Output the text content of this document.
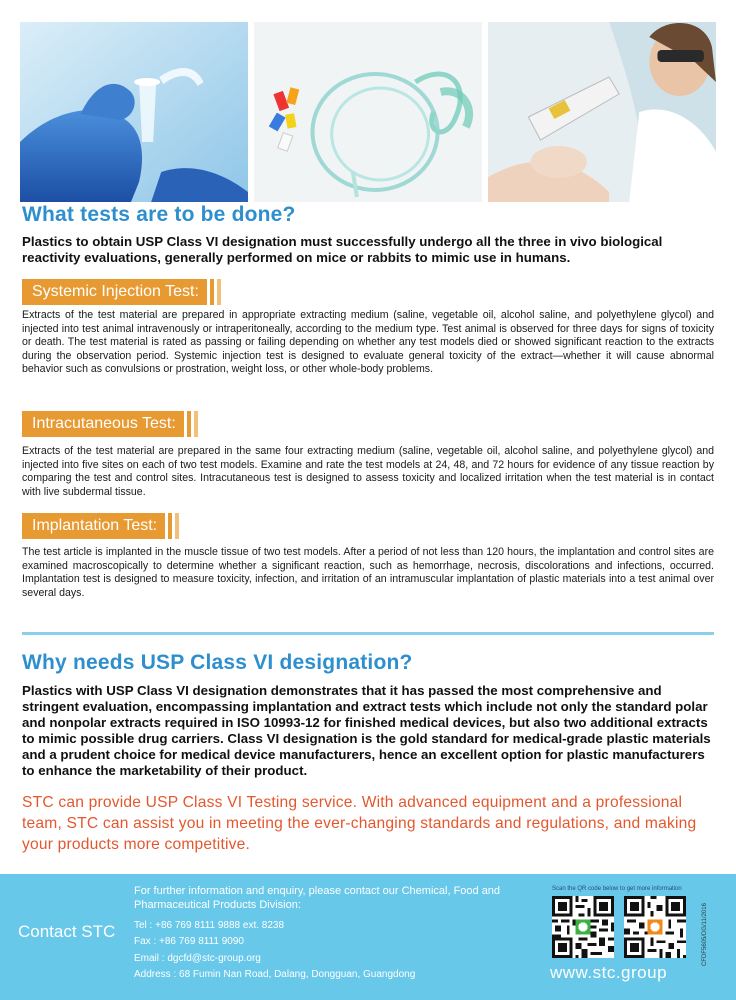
What tests are to be done?

Plastics to obtain USP Class VI designation must successfully undergo all the three in vivo biological reactivity evaluations, generally performed on mice or rabbits to mimic use in humans.

Systemic Injection Test:

Extracts of the test material are prepared in appropriate extracting medium (saline, vegetable oil, alcohol saline, and polyethylene glycol) and injected into test animal intravenously or intraperitoneally, according to the medium type. Test animal is observed for three days for signs of toxicity or death. The test material is rated as passing or failing depending on whether any test models died or showed significant reaction to the extracts during the observation period. Systemic injection test is designed to evaluate general toxicity of the extract—whether it will cause abnormal behavior such as convulsions or prostration, weight loss, or other whole-body problems.

Intracutaneous Test:

Extracts of the test material are prepared in the same four extracting medium (saline, vegetable oil, alcohol saline, and polyethylene glycol) and injected into five sites on each of two test models. Examine and rate the test models at 24, 48, and 72 hours for evidence of any tissue reaction by comparing the test and control sites. Intracutaneous test is designed to assess toxicity and localized irritation when the test material is in contact with live subdermal tissue.

Implantation Test:

The test article is implanted in the muscle tissue of two test models. After a period of not less than 120 hours, the implantation and control sites are examined macroscopically to determine whether a significant reaction, such as hemorrhage, necrosis, discolorations and infections, occurred. Implantation test is designed to measure toxicity, infection, and irritation of an intramuscular implantation of plastic materials into a test animal over several days.

Why needs USP Class VI designation?

Plastics with USP Class VI designation demonstrates that it has passed the most comprehensive and stringent evaluation, encompassing implantation and extract tests which include not only the standard polar and nonpolar extracts required in ISO 10993-12 for finished medical devices, but also two additional extracts to mimic possible drug carriers. Class VI designation is the gold standard for medical-grade plastic materials and a prudent choice for medical device manufacturers, hence an excellent option for plastic manufacturers to enhance the marketability of their product.

STC can provide USP Class VI Testing service. With advanced equipment and a professional team, STC can assist you in meeting the ever-changing standards and regulations, and making your products more competitive.

Contact STC

For further information and enquiry, please contact our Chemical, Food and Pharmaceutical Products Division:

Tel : +86 769 8111 9888 ext. 8238
Fax : +86 769 8111 9090
Email : dgcfd@stc-group.org
Address : 68 Fumin Nan Road, Dalang, Dongguan, Guangdong
Scan the QR code below to get more information
www.stc.group
CFDF5605/DG/11/2016
